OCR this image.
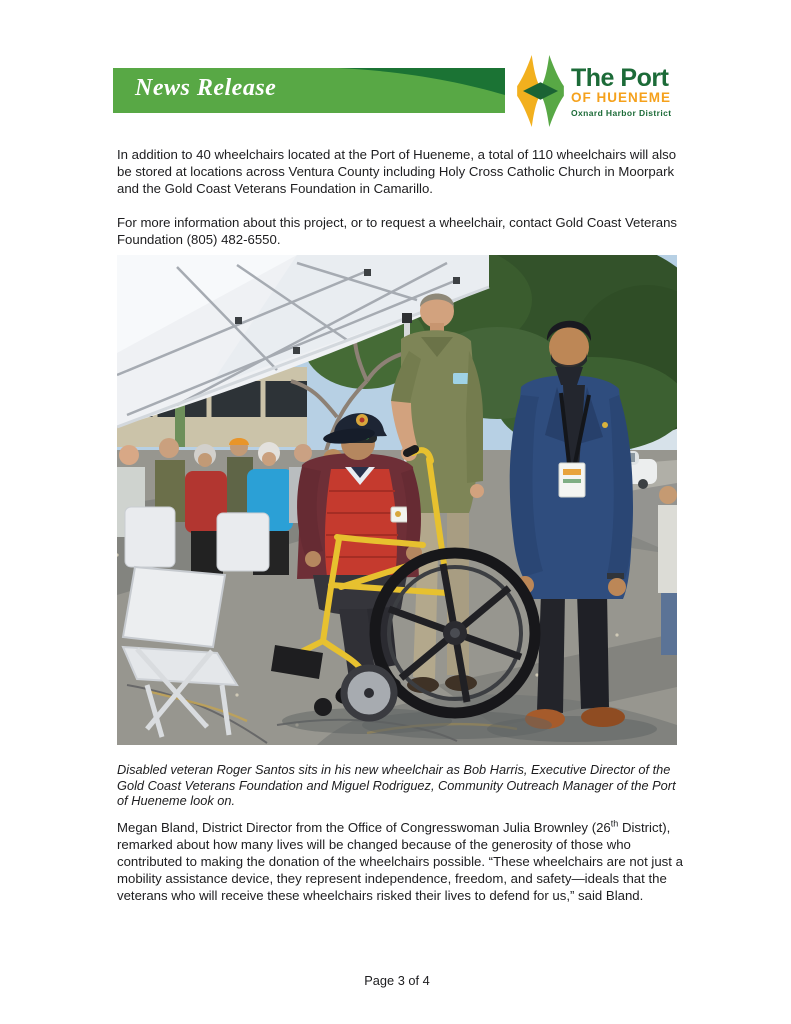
News Release	The Port
OF HUENEME
Oxnard Harbor District

In addition to 40 wheelchairs located at the Port of Hueneme, a total of 110 wheelchairs will also be stored at locations across Ventura County including Holy Cross Catholic Church in Moorpark and the Gold Coast Veterans Foundation in Camarillo.

For more information about this project, or to request a wheelchair, contact Gold Coast Veterans Foundation (805) 482-6550.

Disabled veteran Roger Santos sits in his new wheelchair as Bob Harris, Executive Director of the Gold Coast Veterans Foundation and Miguel Rodriguez, Community Outreach Manager of the Port of Hueneme look on.

Megan Bland, District Director from the Office of Congresswoman Julia Brownley (26th District), remarked about how many lives will be changed because of the generosity of those who contributed to making the donation of the wheelchairs possible. “These wheelchairs are not just a mobility assistance device, they represent independence, freedom, and safety—ideals that the veterans who will receive these wheelchairs risked their lives to defend for us,” said Bland.

Page 3 of 4
